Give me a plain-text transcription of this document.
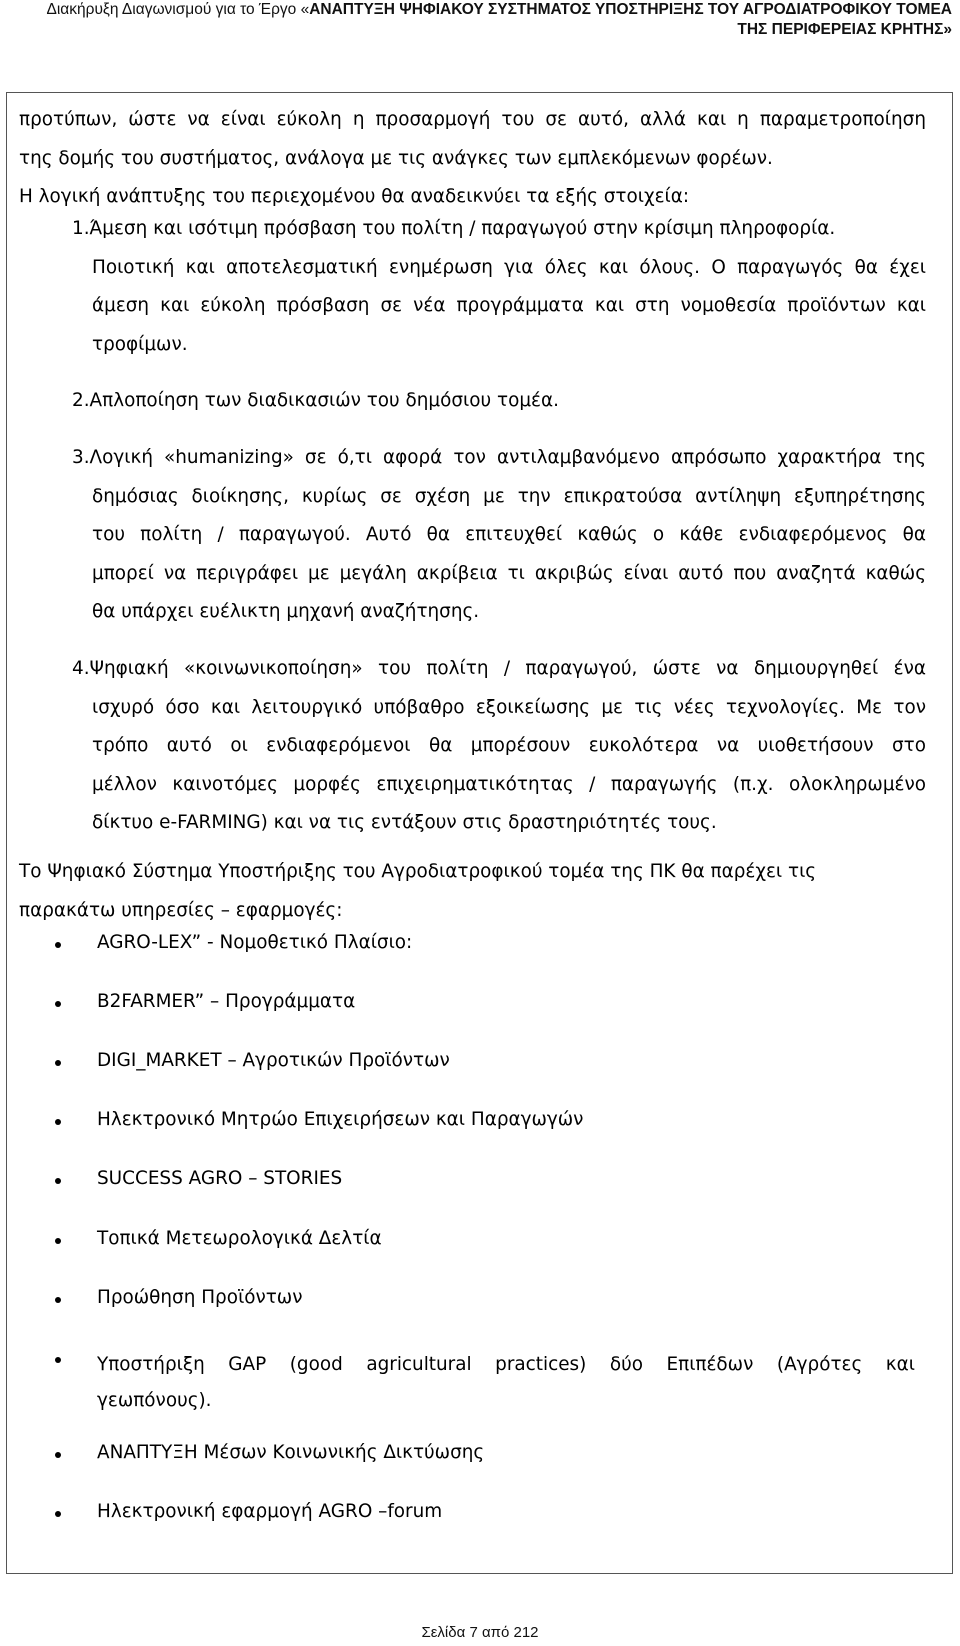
Διακήρυξη Διαγωνισμού για το Έργο «ΑΝΑΠΤΥΞΗ ΨΗΦΙΑΚΟΥ ΣΥΣΤΗΜΑΤΟΣ ΥΠΟΣΤΗΡΙΞΗΣ ΤΟΥ ΑΓΡΟΔΙΑΤΡΟΦΙΚΟΥ ΤΟΜΕΑ
ΤΗΣ ΠΕΡΙΦΕΡΕΙΑΣ ΚΡΗΤΗΣ»
προτύπων, ώστε να είναι εύκολη η προσαρμογή του σε αυτό, αλλά και η παραμετροποίηση
της δομής του συστήματος, ανάλογα με τις ανάγκες των εμπλεκόμενων φορέων.
Η λογική ανάπτυξης του περιεχομένου θα αναδεικνύει τα εξής στοιχεία:
1.Άμεση και ισότιμη πρόσβαση του πολίτη / παραγωγού στην κρίσιμη πληροφορία.
Ποιοτική και αποτελεσματική ενημέρωση για όλες και όλους. Ο παραγωγός θα έχει
άμεση και εύκολη πρόσβαση σε νέα προγράμματα και στη νομοθεσία προϊόντων και
τροφίμων.
2.Απλοποίηση των διαδικασιών του δημόσιου τομέα.
3.Λογική «humanizing» σε ό,τι αφορά τον αντιλαμβανόμενο απρόσωπο χαρακτήρα της
δημόσιας διοίκησης, κυρίως σε σχέση με την επικρατούσα αντίληψη εξυπηρέτησης
του πολίτη / παραγωγού. Αυτό θα επιτευχθεί καθώς ο κάθε ενδιαφερόμενος θα
μπορεί να περιγράφει με μεγάλη ακρίβεια τι ακριβώς είναι αυτό που αναζητά καθώς
θα υπάρχει ευέλικτη μηχανή αναζήτησης.
4.Ψηφιακή «κοινωνικοποίηση» του πολίτη / παραγωγού, ώστε να δημιουργηθεί ένα
ισχυρό όσο και λειτουργικό υπόβαθρο εξοικείωσης με τις νέες τεχνολογίες. Με τον
τρόπο αυτό οι ενδιαφερόμενοι θα μπορέσουν ευκολότερα να υιοθετήσουν στο
μέλλον καινοτόμες μορφές επιχειρηματικότητας / παραγωγής (π.χ. ολοκληρωμένο
δίκτυο e-FARMING) και να τις εντάξουν στις δραστηριότητές τους.
Το Ψηφιακό Σύστημα Υποστήριξης του Αγροδιατροφικού τομέα της ΠΚ θα παρέχει τις
παρακάτω υπηρεσίες – εφαρμογές:
AGRO-LEX” - Νομοθετικό Πλαίσιο:
B2FARMER” – Προγράμματα
DIGI_MARKET – Αγροτικών Προϊόντων
Ηλεκτρονικό Μητρώο Επιχειρήσεων και Παραγωγών
SUCCESS AGRO – STORIES
Τοπικά Μετεωρολογικά Δελτία
Προώθηση Προϊόντων
Υποστήριξη GAP (good agricultural practices) δύο Επιπέδων (Αγρότες και
γεωπόνους).
ΑΝΑΠΤΥΞΗ Μέσων Κοινωνικής Δικτύωσης
Ηλεκτρονική εφαρμογή AGRO –forum
Σελίδα 7 από 212
